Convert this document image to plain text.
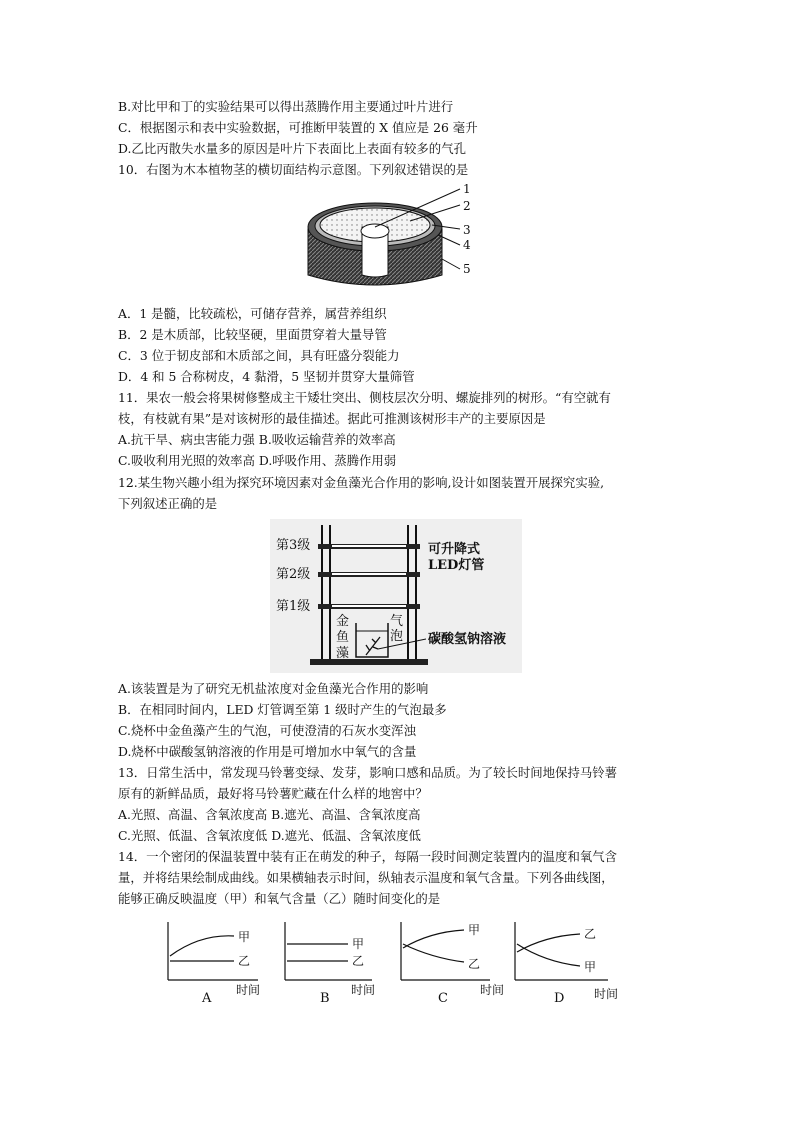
B.对比甲和丁的实验结果可以得出蒸腾作用主要通过叶片进行
C．根据图示和表中实验数据，可推断甲装置的 X 值应是 26 毫升
D.乙比丙散失水量多的原因是叶片下表面比上表面有较多的气孔
10．右图为木本植物茎的横切面结构示意图。下列叙述错误的是
1
2
3
4
5
A．1 是髓，比较疏松，可储存营养，属营养组织
B．2 是木质部，比较坚硬，里面贯穿着大量导管
C．3 位于韧皮部和木质部之间，具有旺盛分裂能力
D．4 和 5 合称树皮，4 黏滑，5 坚韧并贯穿大量筛管
11．果农一般会将果树修整成主干矮壮突出、侧枝层次分明、螺旋排列的树形。“有空就有
枝，有枝就有果”是对该树形的最佳描述。据此可推测该树形丰产的主要原因是
A.抗干旱、病虫害能力强 B.吸收运输营养的效率高
C.吸收利用光照的效率高 D.呼吸作用、蒸腾作用弱
12.某生物兴趣小组为探究环境因素对金鱼藻光合作用的影响,设计如图装置开展探究实验,
下列叙述正确的是
第3级
第2级
第1级
可升降式
LED灯管
金
鱼
藻
气
泡 碳酸氢钠溶液
A.该装置是为了研究无机盐浓度对金鱼藻光合作用的影响
B．在相同时间内，LED 灯管调至第 1 级时产生的气泡最多
C.烧杯中金鱼藻产生的气泡，可使澄清的石灰水变浑浊
D.烧杯中碳酸氢钠溶液的作用是可增加水中氧气的含量
13．日常生活中，常发现马铃薯变绿、发芽，影响口感和品质。为了较长时间地保持马铃薯
原有的新鲜品质，最好将马铃薯贮藏在什么样的地窖中？
A.光照、高温、含氧浓度高 B.遮光、高温、含氧浓度高
C.光照、低温、含氧浓度低 D.遮光、低温、含氧浓度低
14．一个密闭的保温装置中装有正在萌发的种子，每隔一段时间测定装置内的温度和氧气含
量，并将结果绘制成曲线。如果横轴表示时间，纵轴表示温度和氧气含量。下列各曲线图，
能够正确反映温度（甲）和氧气含量（乙）随时间变化的是
甲
乙
时间
A
甲
乙
时间
B
甲
乙
时间
C
乙
甲
时间
D
